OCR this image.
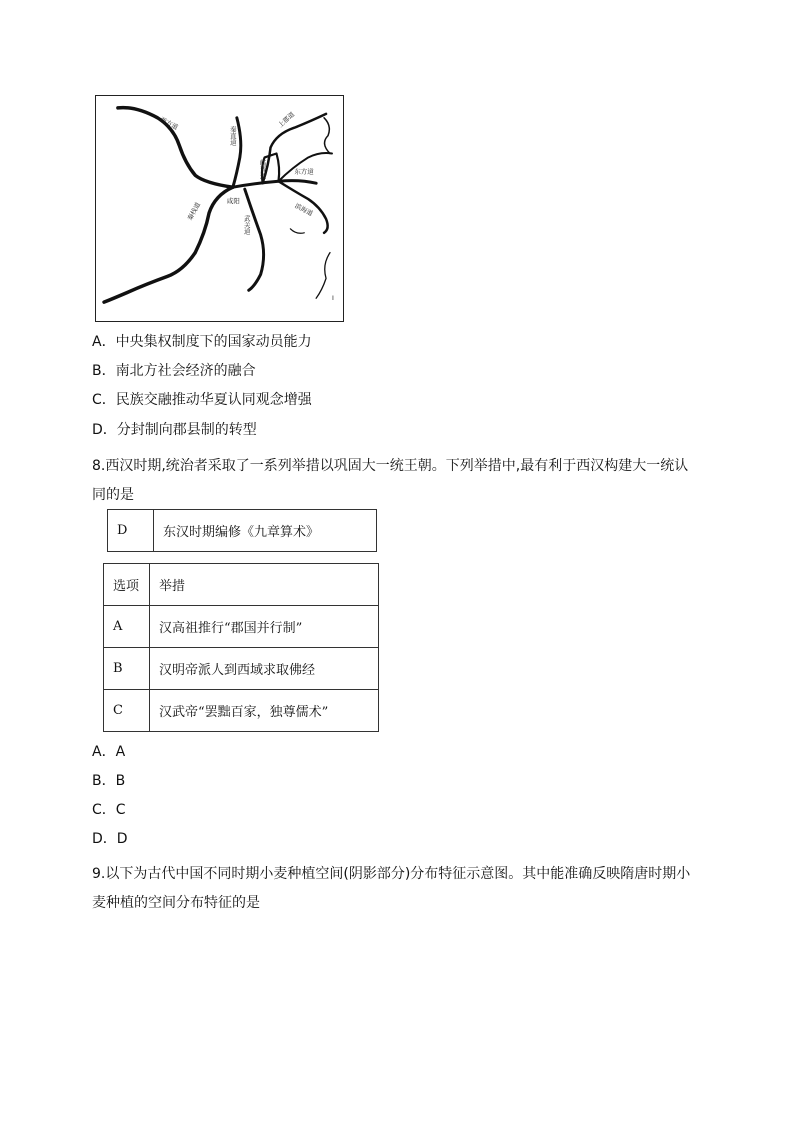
西方道
秦直道
上郡道
临晋道	东方道
滨海道
秦栈道	咸阳
武关道
I
A．中央集权制度下的国家动员能力
B．南北方社会经济的融合
C．民族交融推动华夏认同观念增强
D．分封制向郡县制的转型
8.西汉时期,统治者采取了一系列举措以巩固大一统王朝。下列举措中,最有利于西汉构建大一统认同的是
D	东汉时期编修《九章算术》
选项	举措
A	汉高祖推行“郡国并行制”
B	汉明帝派人到西域求取佛经
C	汉武帝“罢黜百家，独尊儒术”
A．A
B．B
C．C
D．D
9.以下为古代中国不同时期小麦种植空间(阴影部分)分布特征示意图。其中能准确反映隋唐时期小麦种植的空间分布特征的是
